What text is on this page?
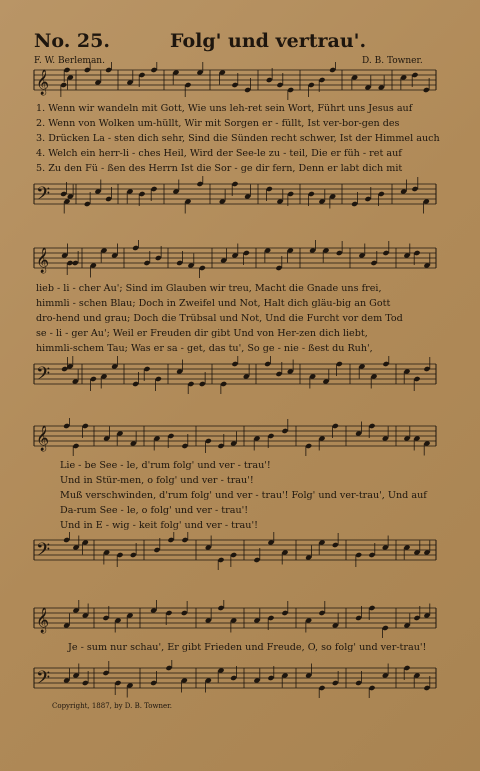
No. 25.	Folg' und vertrau'.
F. W. Berleman.	D. B. Towner.
𝄞
1. Wenn wir wandeln mit Gott, Wie uns leh-ret sein Wort, Führt uns Jesus auf
2. Wenn von Wolken um-hüllt, Wir mit Sorgen er - füllt, Ist ver-bor-gen des
3. Drücken La - sten dich sehr, Sind die Sünden recht schwer, Ist der Himmel auch
4. Welch ein herr-li - ches Heil, Wird der See-le zu - teil, Die er füh - ret auf
5. Zu den Fü - ßen des Herrn Ist die Sor - ge dir fern, Denn er labt dich mit
𝄢
𝄞
lieb - li - cher Au'; Sind im Glauben wir treu, Macht die Gnade uns frei,
himmli - schen Blau; Doch in Zweifel und Not, Halt dich gläu-big an Gott
dro-hend und grau; Doch die Trübsal und Not, Und die Furcht vor dem Tod
se - li - ger Au'; Weil er Freuden dir gibt Und von Her-zen dich liebt,
himmli-schem Tau; Was er sa - get, das tu', So ge - nie - ßest du Ruh',
𝄢
𝄞
Lie - be See - le, d'rum folg' und ver - trau'!
Und in Stür-men, o folg' und ver - trau'!
Muß verschwinden, d'rum folg' und ver - trau'! Folg' und ver-trau', Und auf
Da-rum See - le, o folg' und ver - trau'!
Und in E - wig - keit folg' und ver - trau'!
𝄢
𝄞
Je - sum nur schau', Er gibt Frieden und Freude, O, so folg' und ver-trau'!
𝄢
Copyright, 1887, by D. B. Towner.
